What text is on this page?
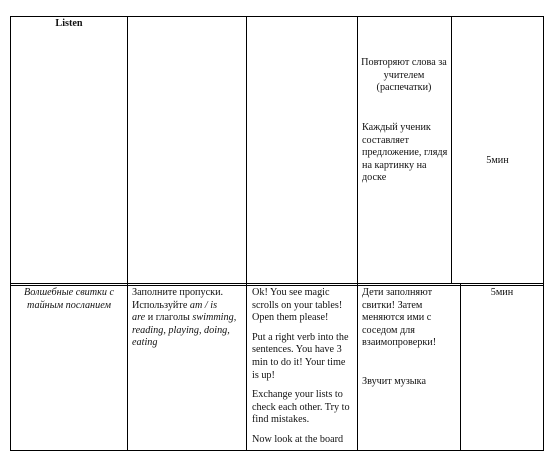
Listen

Повторяют слова за учителем (распечатки)

Каждый ученик составляет предложение, глядя на картинку на доске

5мин
Волшебные свитки с тайным посланием
Заполните пропуски. Используйте am / is
are и глаголы swimming, reading, playing, doing, eating

Ok! You see magic scrolls on your tables! Open them please!

Put a right verb into the sentences. You have 3 min to do it! Your time is up!

Exchange your lists to check each other. Try to find mistakes.

Now look at the board

Дети заполняют свитки! Затем меняются ими с соседом для взаимопроверки!

Звучит музыка

5мин
